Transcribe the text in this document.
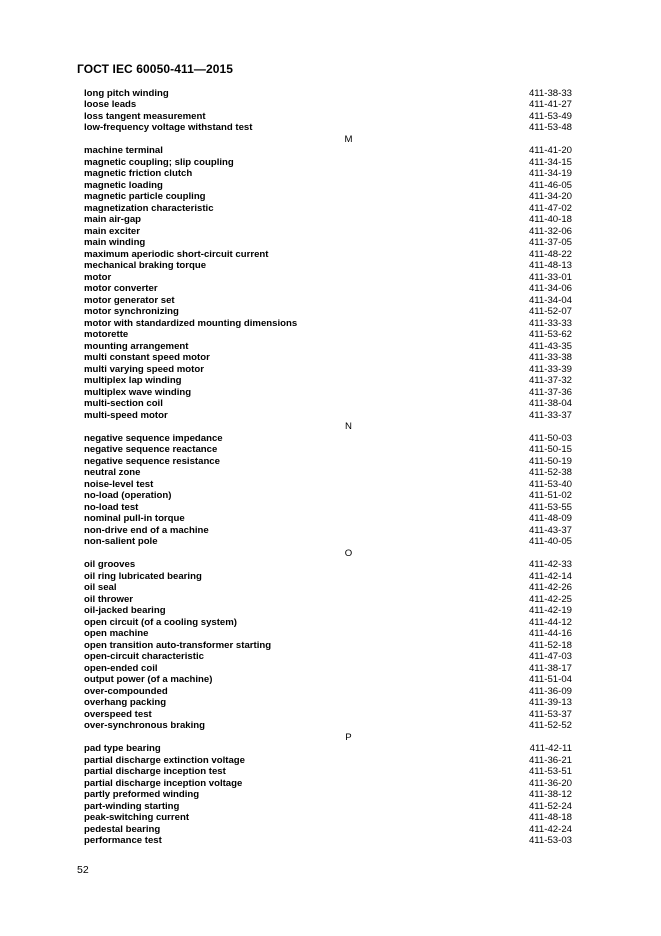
ГОСТ IEC 60050-411—2015
long pitch winding	411-38-33
loose leads	411-41-27
loss tangent measurement	411-53-49
low-frequency voltage withstand test	411-53-48
M
machine terminal	411-41-20
magnetic coupling; slip coupling	411-34-15
magnetic friction clutch	411-34-19
magnetic loading	411-46-05
magnetic particle coupling	411-34-20
magnetization characteristic	411-47-02
main air-gap	411-40-18
main exciter	411-32-06
main winding	411-37-05
maximum aperiodic short-circuit current	411-48-22
mechanical braking torque	411-48-13
motor	411-33-01
motor converter	411-34-06
motor generator set	411-34-04
motor synchronizing	411-52-07
motor with standardized mounting dimensions	411-33-33
motorette	411-53-62
mounting arrangement	411-43-35
multi constant speed motor	411-33-38
multi varying speed motor	411-33-39
multiplex lap winding	411-37-32
multiplex wave winding	411-37-36
multi-section coil	411-38-04
multi-speed motor	411-33-37
N
negative sequence impedance	411-50-03
negative sequence reactance	411-50-15
negative sequence resistance	411-50-19
neutral zone	411-52-38
noise-level test	411-53-40
no-load (operation)	411-51-02
no-load test	411-53-55
nominal pull-in torque	411-48-09
non-drive end of a machine	411-43-37
non-salient pole	411-40-05
O
oil grooves	411-42-33
oil ring lubricated bearing	411-42-14
oil seal	411-42-26
oil thrower	411-42-25
oil-jacked bearing	411-42-19
open circuit (of a cooling system)	411-44-12
open machine	411-44-16
open transition auto-transformer starting	411-52-18
open-circuit characteristic	411-47-03
open-ended coil	411-38-17
output power (of a machine)	411-51-04
over-compounded	411-36-09
overhang packing	411-39-13
overspeed test	411-53-37
over-synchronous braking	411-52-52
P
pad type bearing	411-42-11
partial discharge extinction voltage	411-36-21
partial discharge inception test	411-53-51
partial discharge inception voltage	411-36-20
partly preformed winding	411-38-12
part-winding starting	411-52-24
peak-switching current	411-48-18
pedestal bearing	411-42-24
performance test	411-53-03
52
